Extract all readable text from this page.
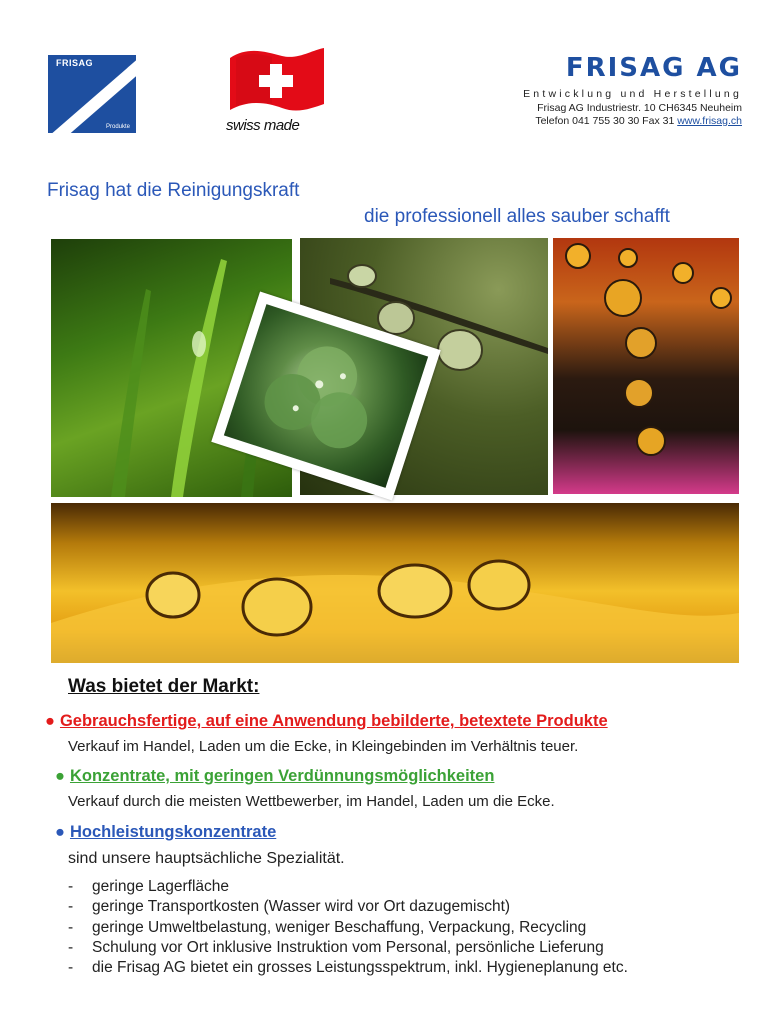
FRISAG
Produkte	swiss made
FRISAG AG
Entwicklung und Herstellung
Frisag AG Industriestr. 10 CH6345 Neuheim
Telefon 041 755 30 30 Fax 31 www.frisag.ch
Frisag hat die Reinigungskraft
die professionell alles sauber schafft
Was bietet der Markt:
● Gebrauchsfertige, auf eine Anwendung bebilderte, betextete Produkte
Verkauf im Handel, Laden um die Ecke, in Kleingebinden im Verhältnis teuer.
● Konzentrate, mit geringen Verdünnungsmöglichkeiten
Verkauf durch die meisten Wettbewerber, im Handel, Laden um die Ecke.
● Hochleistungskonzentrate
sind unsere hauptsächliche Spezialität.
- geringe Lagerfläche
- geringe Transportkosten (Wasser wird vor Ort dazugemischt)
- geringe Umweltbelastung, weniger Beschaffung, Verpackung, Recycling
- Schulung vor Ort inklusive Instruktion vom Personal, persönliche Lieferung
- die Frisag AG bietet ein grosses Leistungsspektrum, inkl. Hygieneplanung etc.
